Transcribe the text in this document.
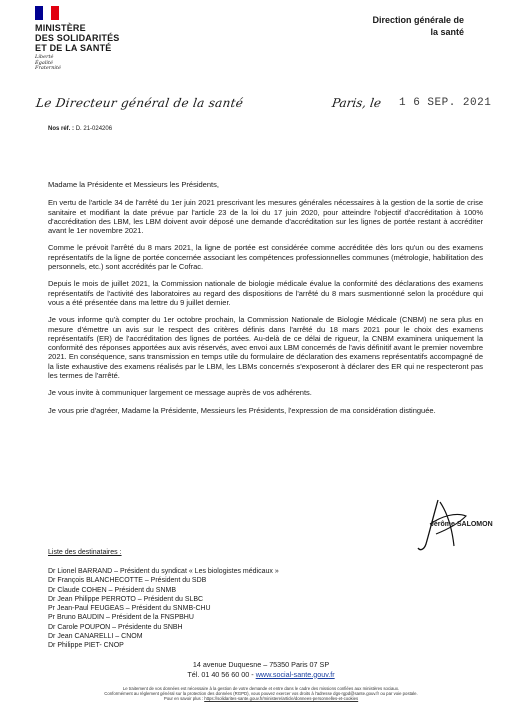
MINISTÈRE
DES SOLIDARITÉS
ET DE LA SANTÉ
Liberté
Égalité
Fraternité
Direction générale de
la santé
Le Directeur général de la santé	Paris, le 1 6 SEP. 2021
Nos réf. : D. 21-024206

Madame la Présidente et Messieurs les Présidents,

En vertu de l'article 34 de l'arrêté du 1er juin 2021 prescrivant les mesures générales nécessaires à la gestion de la sortie de crise sanitaire et modifiant la date prévue par l'article 23 de la loi du 17 juin 2020, pour atteindre l'objectif d'accréditation à 100% d'accréditation des LBM, les LBM doivent avoir déposé une demande d'accréditation sur les lignes de portée restant à accréditer avant le 1er novembre 2021.

Comme le prévoit l'arrêté du 8 mars 2021, la ligne de portée est considérée comme accréditée dès lors qu'un ou des examens représentatifs de la ligne de portée concernée associant les compétences professionnelles communes (métrologie, habilitation des personnels, etc.) sont accrédités par le Cofrac.

Depuis le mois de juillet 2021, la Commission nationale de biologie médicale évalue la conformité des déclarations des examens représentatifs de l'activité des laboratoires au regard des dispositions de l'arrêté du 8 mars susmentionné selon la procédure qui vous a été présentée dans ma lettre du 9 juillet dernier.

Je vous informe qu'à compter du 1er octobre prochain, la Commission Nationale de Biologie Médicale (CNBM) ne sera plus en mesure d'émettre un avis sur le respect des critères définis dans l'arrêté du 18 mars 2021 pour le choix des examens représentatifs (ER) de l'accréditation des lignes de portées. Au-delà de ce délai de rigueur, la CNBM examinera uniquement la conformité des réponses apportées aux avis réservés, avec envoi aux LBM concernés de l'avis définitif avant le premier novembre 2021. En conséquence, sans transmission en temps utile du formulaire de déclaration des examens représentatifs accompagné de la liste exhaustive des examens réalisés par le LBM, les LBMs concernés s'exposeront à déclarer des ER qui ne respecteront pas les termes de l'arrêté.

Je vous invite à communiquer largement ce message auprès de vos adhérents.

Je vous prie d'agréer, Madame la Présidente, Messieurs les Présidents, l'expression de ma considération distinguée.

Jérôme SALOMON
Liste des destinataires :
Dr Lionel BARRAND – Président du syndicat « Les biologistes médicaux »
Dr François BLANCHECOTTE – Président du SDB
Dr Claude COHEN – Président du SNMB
Dr Jean Philippe PERROTO – Président du SLBC
Pr Jean-Paul FEUGEAS – Président du SNMB-CHU
Pr Bruno BAUDIN – Président de la FNSPBHU
Dr Carole POUPON – Présidente du SNBH
Dr Jean CANARELLI – CNOM
Dr Philippe PIET- CNOP
14 avenue Duquesne – 75350 Paris 07 SP
Tél. 01 40 56 60 00 - www.social-sante.gouv.fr
Le traitement de vos données est nécessaire à la gestion de votre demande et entre dans le cadre des missions confiées aux ministères sociaux.
Conformément au règlement général sur la protection des données (RGPD), vous pouvez exercer vos droits à l'adresse dgs-rgpd@sante.gouv.fr ou par voie postale.
Pour en savoir plus : https://solidarites-sante.gouv.fr/ministere/article/donnees-personnelles-et-cookies
